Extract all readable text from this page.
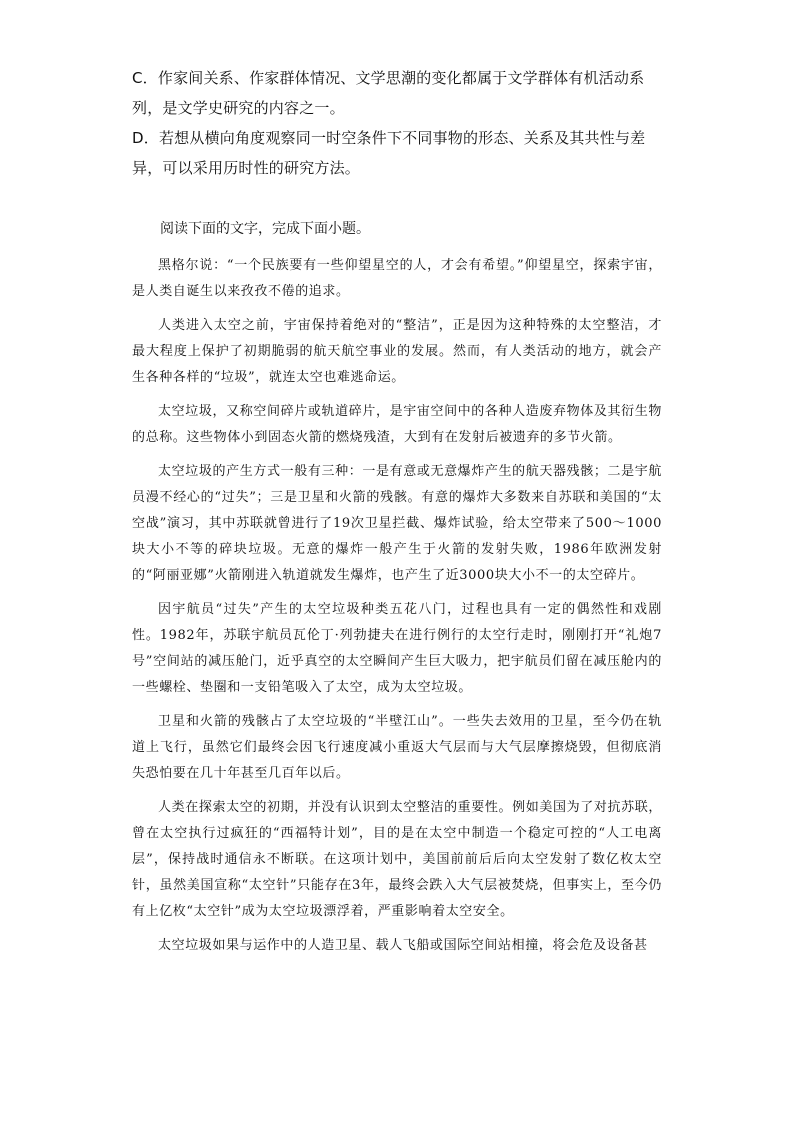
C．作家间关系、作家群体情况、文学思潮的变化都属于文学群体有机活动系列，是文学史研究的内容之一。

D．若想从横向角度观察同一时空条件下不同事物的形态、关系及其共性与差异，可以采用历时性的研究方法。

阅读下面的文字，完成下面小题。

黑格尔说：“一个民族要有一些仰望星空的人，才会有希望。”仰望星空，探索宇宙，是人类自诞生以来孜孜不倦的追求。

人类进入太空之前，宇宙保持着绝对的“整洁”，正是因为这种特殊的太空整洁，才最大程度上保护了初期脆弱的航天航空事业的发展。然而，有人类活动的地方，就会产生各种各样的“垃圾”，就连太空也难逃命运。

太空垃圾，又称空间碎片或轨道碎片，是宇宙空间中的各种人造废弃物体及其衍生物的总称。这些物体小到固态火箭的燃烧残渣，大到有在发射后被遗弃的多节火箭。

太空垃圾的产生方式一般有三种：一是有意或无意爆炸产生的航天器残骸；二是宇航员漫不经心的“过失”；三是卫星和火箭的残骸。有意的爆炸大多数来自苏联和美国的“太空战”演习，其中苏联就曾进行了19次卫星拦截、爆炸试验，给太空带来了500～1000块大小不等的碎块垃圾。无意的爆炸一般产生于火箭的发射失败，1986年欧洲发射的“阿丽亚娜”火箭刚进入轨道就发生爆炸，也产生了近3000块大小不一的太空碎片。

因宇航员“过失”产生的太空垃圾种类五花八门，过程也具有一定的偶然性和戏剧性。1982年，苏联宇航员瓦伦丁·列勃捷夫在进行例行的太空行走时，刚刚打开“礼炮7号”空间站的减压舱门，近乎真空的太空瞬间产生巨大吸力，把宇航员们留在减压舱内的一些螺栓、垫圈和一支铅笔吸入了太空，成为太空垃圾。

卫星和火箭的残骸占了太空垃圾的“半壁江山”。一些失去效用的卫星，至今仍在轨道上飞行，虽然它们最终会因飞行速度减小重返大气层而与大气层摩擦烧毁，但彻底消失恐怕要在几十年甚至几百年以后。

人类在探索太空的初期，并没有认识到太空整洁的重要性。例如美国为了对抗苏联，曾在太空执行过疯狂的“西福特计划”，目的是在太空中制造一个稳定可控的“人工电离层”，保持战时通信永不断联。在这项计划中，美国前前后后向太空发射了数亿枚太空针，虽然美国宣称“太空针”只能存在3年，最终会跌入大气层被焚烧，但事实上，至今仍有上亿枚“太空针”成为太空垃圾漂浮着，严重影响着太空安全。

太空垃圾如果与运作中的人造卫星、载人飞船或国际空间站相撞，将会危及设备甚
